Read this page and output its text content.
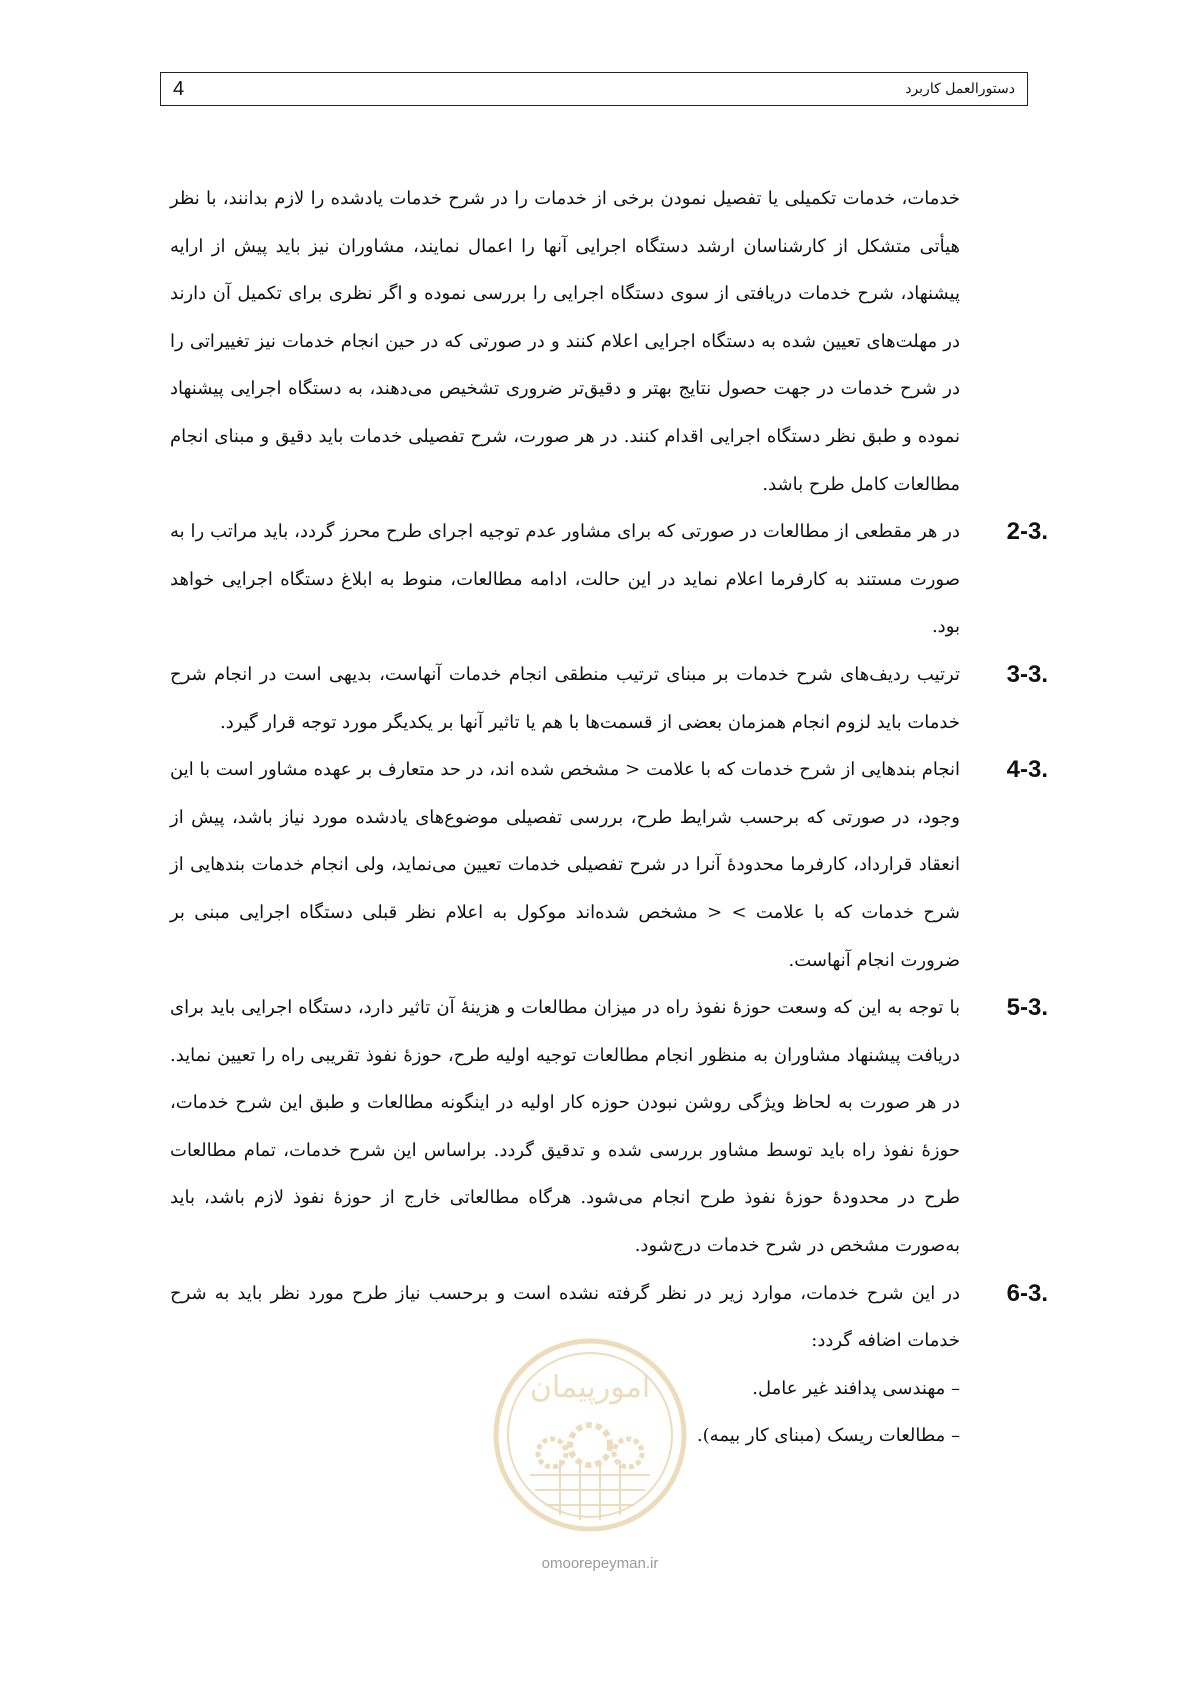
4	دستورالعمل کاربرد

خدمات، خدمات تکمیلی یا تفصیل نمودن برخی از خدمات را در شرح خدمات یادشده را لازم بدانند، با نظر هیأتی متشکل از کارشناسان ارشد دستگاه اجرایی آنها را اعمال نمایند، مشاوران نیز باید پیش از ارایه پیشنهاد، شرح خدمات دریافتی از سوی دستگاه اجرایی را بررسی نموده و اگر نظری برای تکمیل آن دارند در مهلت‌های تعیین شده به دستگاه اجرایی اعلام کنند و در صورتی که در حین انجام خدمات نیز تغییراتی را در شرح خدمات در جهت حصول نتایج بهتر و دقیق‌تر ضروری تشخیص می‌دهند، به دستگاه اجرایی پیشنهاد نموده و طبق نظر دستگاه اجرایی اقدام کنند. در هر صورت، شرح تفصیلی خدمات باید دقیق و مبنای انجام مطالعات کامل طرح باشد.

2-3.

در هر مقطعی از مطالعات در صورتی که برای مشاور عدم توجیه اجرای طرح محرز گردد، باید مراتب را به صورت مستند به کارفرما اعلام نماید در این حالت، ادامه مطالعات، منوط به ابلاغ دستگاه اجرایی خواهد بود.

3-3.

ترتیب ردیف‌های شرح خدمات بر مبنای ترتیب منطقی انجام خدمات آنهاست، بدیهی است در انجام شرح خدمات باید لزوم انجام همزمان بعضی از قسمت‌ها با هم یا تاثیر آنها بر یکدیگر مورد توجه قرار گیرد.

4-3.

انجام بندهایی از شرح خدمات که با علامت < مشخص شده اند، در حد متعارف بر عهده مشاور است با این وجود، در صورتی که برحسب شرایط طرح، بررسی تفصیلی موضوع‌های یادشده مورد نیاز باشد، پیش از انعقاد قرارداد، کارفرما محدودهٔ آنرا در شرح تفصیلی خدمات تعیین می‌نماید، ولی انجام خدمات بندهایی از شرح خدمات که با علامت > < مشخص شده‌اند موکول به اعلام نظر قبلی دستگاه اجرایی مبنی بر ضرورت انجام آنهاست.

5-3.

با توجه به این که وسعت حوزهٔ نفوذ راه در میزان مطالعات و هزینهٔ آن تاثیر دارد، دستگاه اجرایی باید برای دریافت پیشنهاد مشاوران به منظور انجام مطالعات توجیه اولیه طرح، حوزهٔ نفوذ تقریبی راه را تعیین نماید. در هر صورت به لحاظ ویژگی روشن نبودن حوزه کار اولیه در اینگونه مطالعات و طبق این شرح خدمات، حوزهٔ نفوذ راه باید توسط مشاور بررسی شده و تدقیق گردد. براساس این شرح خدمات، تمام مطالعات طرح در محدودهٔ حوزهٔ نفوذ طرح انجام می‌شود. هرگاه مطالعاتی خارج از حوزهٔ نفوذ لازم باشد، باید به‌صورت مشخص در شرح خدمات درج‌شود.

6-3.

در این شرح خدمات، موارد زیر در نظر گرفته نشده است و برحسب نیاز طرح مورد نظر باید به شرح خدمات اضافه گردد:

– مهندسی پدافند غیر عامل.
– مطالعات ریسک (مبنای کار بیمه).
امورپیمان
omoorepeyman.ir
